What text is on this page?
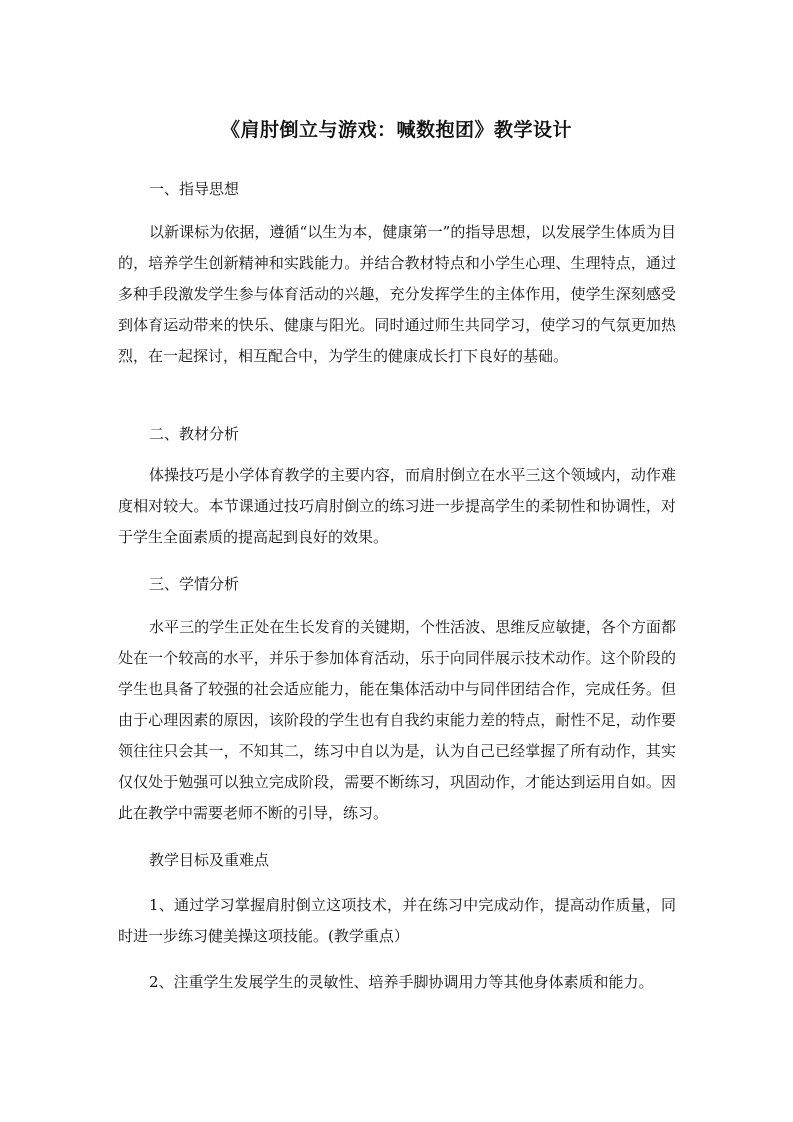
《肩肘倒立与游戏：喊数抱团》教学设计
一、指导思想
以新课标为依据，遵循“以生为本，健康第一”的指导思想，以发展学生体质为目的，培养学生创新精神和实践能力。并结合教材特点和小学生心理、生理特点，通过多种手段激发学生参与体育活动的兴趣，充分发挥学生的主体作用，使学生深刻感受到体育运动带来的快乐、健康与阳光。同时通过师生共同学习，使学习的气氛更加热烈，在一起探讨，相互配合中，为学生的健康成长打下良好的基础。
二、教材分析
体操技巧是小学体育教学的主要内容，而肩肘倒立在水平三这个领域内，动作难度相对较大。本节课通过技巧肩肘倒立的练习进一步提高学生的柔韧性和协调性，对于学生全面素质的提高起到良好的效果。
三、学情分析
水平三的学生正处在生长发育的关键期，个性活波、思维反应敏捷，各个方面都处在一个较高的水平，并乐于参加体育活动，乐于向同伴展示技术动作。这个阶段的学生也具备了较强的社会适应能力，能在集体活动中与同伴团结合作，完成任务。但由于心理因素的原因，该阶段的学生也有自我约束能力差的特点，耐性不足，动作要领往往只会其一，不知其二，练习中自以为是，认为自己已经掌握了所有动作，其实仅仅处于勉强可以独立完成阶段，需要不断练习，巩固动作，才能达到运用自如。因此在教学中需要老师不断的引导，练习。
教学目标及重难点
1、通过学习掌握肩肘倒立这项技术，并在练习中完成动作，提高动作质量，同时进一步练习健美操这项技能。(教学重点）
2、注重学生发展学生的灵敏性、培养手脚协调用力等其他身体素质和能力。
